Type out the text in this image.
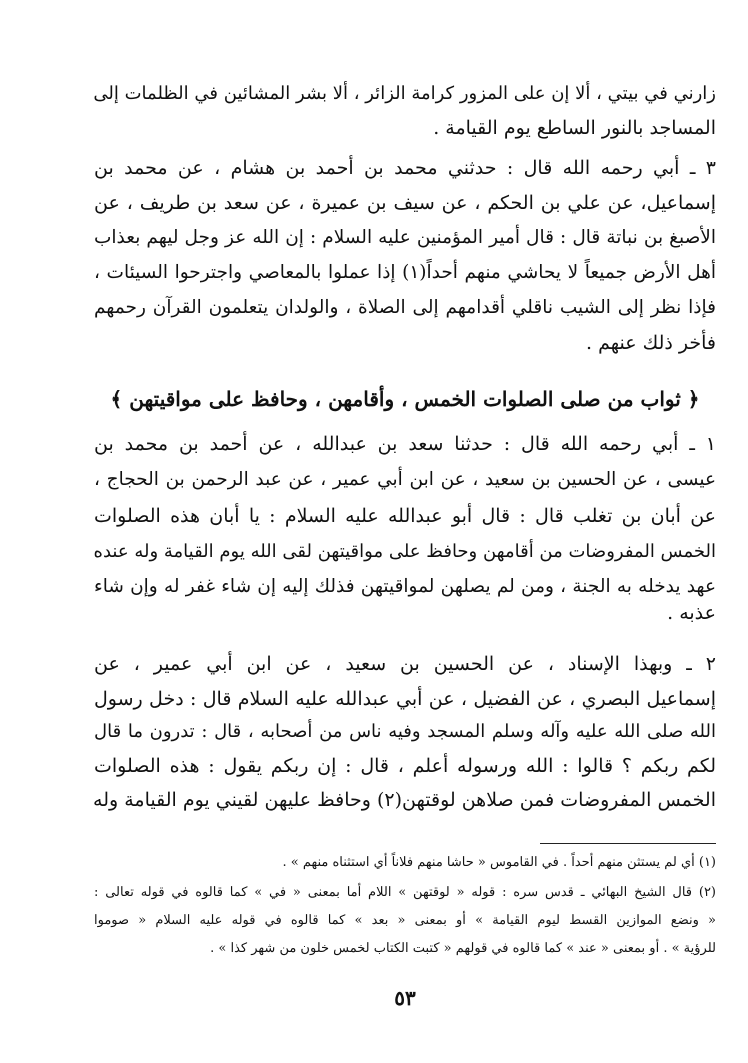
زارني في بيتي ، ألا إن على المزور كرامة الزائر ، ألا بشر المشائين في الظلمات إلى
المساجد بالنور الساطع يوم القيامة .
٣ ـ أبي رحمه الله قال : حدثني محمد بن أحمد بن هشام ، عن محمد بن
إسماعيل، عن علي بن الحكم ، عن سيف بن عميرة ، عن سعد بن طريف ، عن
الأصبغ بن نباتة قال : قال أمير المؤمنين عليه السلام : إن الله عز وجل ليهم بعذاب
أهل الأرض جميعاً لا يحاشي منهم أحداً(١) إذا عملوا بالمعاصي واجترحوا السيئات ،
فإذا نظر إلى الشيب ناقلي أقدامهم إلى الصلاة ، والولدان يتعلمون القرآن رحمهم
فأخر ذلك عنهم .
﴿ ثواب من صلى الصلوات الخمس ، وأقامهن ، وحافظ على مواقيتهن ﴾
١ ـ أبي رحمه الله قال : حدثنا سعد بن عبدالله ، عن أحمد بن محمد بن
عيسى ، عن الحسين بن سعيد ، عن ابن أبي عمير ، عن عبد الرحمن بن الحجاج ،
عن أبان بن تغلب قال : قال أبو عبدالله عليه السلام : يا أبان هذه الصلوات
الخمس المفروضات من أقامهن وحافظ على مواقيتهن لقى الله يوم القيامة وله عنده
عهد يدخله به الجنة ، ومن لم يصلهن لمواقيتهن فذلك إليه إن شاء غفر له وإن شاء
عذبه .
٢ ـ وبهذا الإسناد ، عن الحسين بن سعيد ، عن ابن أبي عمير ، عن
إسماعيل البصري ، عن الفضيل ، عن أبي عبدالله عليه السلام قال : دخل رسول
الله صلى الله عليه وآله وسلم المسجد وفيه ناس من أصحابه ، قال : تدرون ما قال
لكم ربكم ؟ قالوا : الله ورسوله أعلم ، قال : إن ربكم يقول : هذه الصلوات
الخمس المفروضات فمن صلاهن لوقتهن(٢) وحافظ عليهن لقيني يوم القيامة وله
(١) أي لم يستثن منهم أحداً . في القاموس « حاشا منهم فلاناً أي استثناه منهم » .
(٢) قال الشيخ البهائي ـ قدس سره : قوله « لوقتهن » اللام أما بمعنى « في » كما قالوه في قوله تعالى :
« ونضع الموازين القسط ليوم القيامة » أو بمعنى « بعد » كما قالوه في قوله عليه السلام « صوموا
للرؤية » . أو بمعنى « عند » كما قالوه في قولهم « كتبت الكتاب لخمس خلون من شهر كذا » .
٥٣
